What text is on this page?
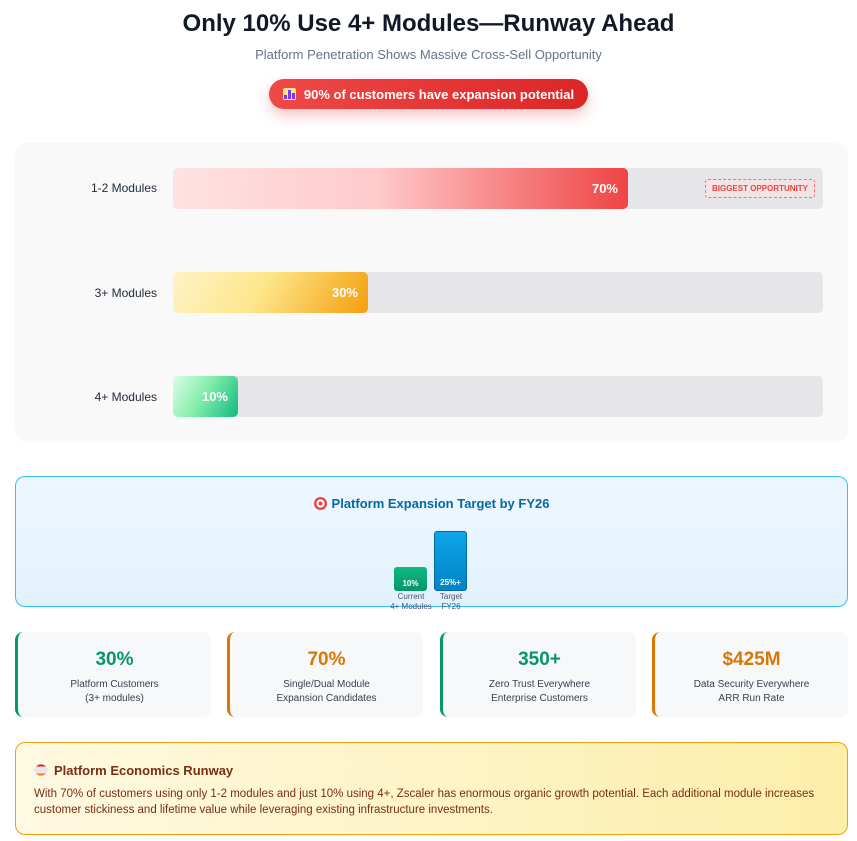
Only 10% Use 4+ Modules—Runway Ahead
Platform Penetration Shows Massive Cross-Sell Opportunity
90% of customers have expansion potential
1-2 Modules	70%	BIGGEST OPPORTUNITY
3+ Modules	30%
4+ Modules	10%
Platform Expansion Target by FY26
10%	25%+
Current
4+ Modules
Target
FY26
30%
Platform Customers
(3+ modules)
70%
Single/Dual Module
Expansion Candidates
350+
Zero Trust Everywhere
Enterprise Customers
$425M
Data Security Everywhere
ARR Run Rate
Platform Economics Runway
With 70% of customers using only 1-2 modules and just 10% using 4+, Zscaler has enormous organic growth potential. Each additional module increases customer stickiness and lifetime value while leveraging existing infrastructure investments.
